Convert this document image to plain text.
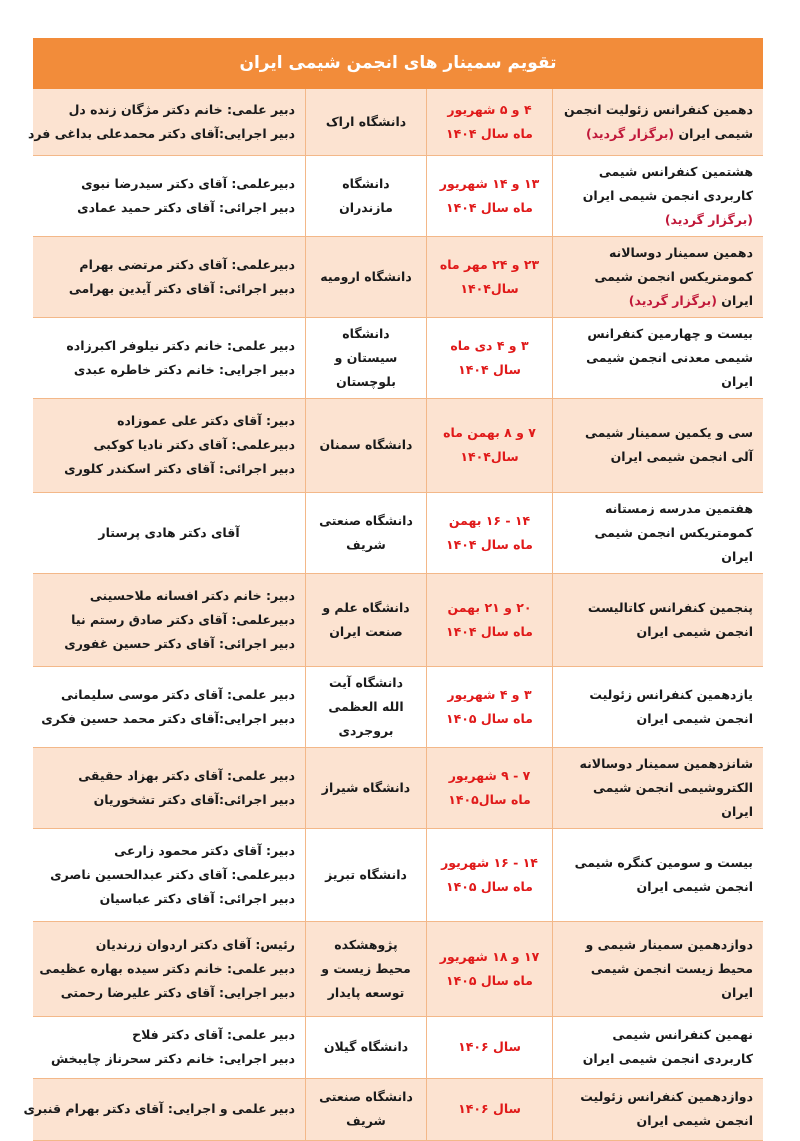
تقویم سمینار های انجمن شیمی ایران
دهمین کنفرانس زئولیت انجمن شیمی ایران (برگزار گردید)	۴ و ۵ شهریور ماه سال ۱۴۰۴	دانشگاه اراک	دبیر علمی: خانم دکتر مژگان زنده دل
دبیر اجرایی:آقای دکتر محمدعلی بداغی فرد

هشتمین کنفرانس شیمی کاربردی انجمن شیمی ایران (برگزار گردید)	۱۳ و ۱۴ شهریور ماه سال ۱۴۰۴	دانشگاه مازندران	دبیرعلمی: آقای دکتر سیدرضا نبوی
دبیر اجرائی: آقای دکتر حمید عمادی

دهمین سمینار دوسالانه کمومتریکس انجمن شیمی ایران (برگزار گردید)	۲۳ و ۲۴ مهر ماه سال۱۴۰۴	دانشگاه ارومیه	دبیرعلمی: آقای دکتر مرتضی بهرام
دبیر اجرائی: آقای دکتر آیدین بهرامی

بیست و چهارمین کنفرانس شیمی معدنی انجمن شیمی ایران	۳ و ۴ دی ماه سال ۱۴۰۴	دانشگاه سیستان و بلوچستان	دبیر علمی: خانم دکتر نیلوفر اکبرزاده
دبیر اجرایی: خانم دکتر خاطره عبدی

سی و یکمین سمینار شیمی آلی انجمن شیمی ایران	۷ و ۸ بهمن ماه سال۱۴۰۴	دانشگاه سمنان	دبیر: آقای دکتر علی عموزاده
دبیرعلمی: آقای دکتر نادیا کوکبی
دبیر اجرائی: آقای دکتر اسکندر کلوری

هفتمین مدرسه زمستانه کمومتریکس انجمن شیمی ایران	۱۴ - ۱۶ بهمن ماه سال ۱۴۰۴	دانشگاه صنعتی شریف	آقای دکتر هادی پرستار

پنجمین کنفرانس کاتالیست انجمن شیمی ایران	۲۰ و ۲۱ بهمن ماه سال ۱۴۰۴	دانشگاه علم و صنعت ایران	دبیر: خانم دکتر افسانه ملاحسینی
دبیرعلمی: آقای دکتر صادق رستم نیا
دبیر اجرائی: آقای دکتر حسین غفوری

یازدهمین کنفرانس زئولیت انجمن شیمی ایران	۳ و ۴ شهریور ماه سال ۱۴۰۵	دانشگاه آیت الله العظمی بروجردی	دبیر علمی: آقای دکتر موسی سلیمانی
دبیر اجرایی:آقای دکتر محمد حسین فکری

شانزدهمین سمینار دوسالانه الکتروشیمی انجمن شیمی ایران	۷ - ۹ شهریور ماه سال۱۴۰۵	دانشگاه شیراز	دبیر علمی: آقای دکتر بهزاد حقیقی
دبیر اجرائی:آقای دکتر تشخوریان

بیست و سومین کنگره شیمی انجمن شیمی ایران	۱۴ - ۱۶ شهریور ماه سال ۱۴۰۵	دانشگاه تبریز	دبیر: آقای دکتر محمود زارعی
دبیرعلمی: آقای دکتر عبدالحسین ناصری
دبیر اجرائی: آقای دکتر عباسیان

دوازدهمین سمینار شیمی و محیط زیست انجمن شیمی ایران	۱۷ و ۱۸ شهریور ماه سال ۱۴۰۵	پژوهشکده محیط زیست و توسعه پایدار	رئیس: آقای دکتر اردوان زرندیان
دبیر علمی: خانم دکتر سیده بهاره عظیمی
دبیر اجرایی: آقای دکتر علیرضا رحمتی

نهمین کنفرانس شیمی کاربردی انجمن شیمی ایران	سال ۱۴۰۶	دانشگاه گیلان	دبیر علمی: آقای دکتر فلاح
دبیر اجرایی: خانم دکتر سحرناز چایبخش

دوازدهمین کنفرانس زئولیت انجمن شیمی ایران	سال ۱۴۰۶	دانشگاه صنعتی شریف	دبیر علمی و اجرایی: آقای دکتر بهرام قنبری
